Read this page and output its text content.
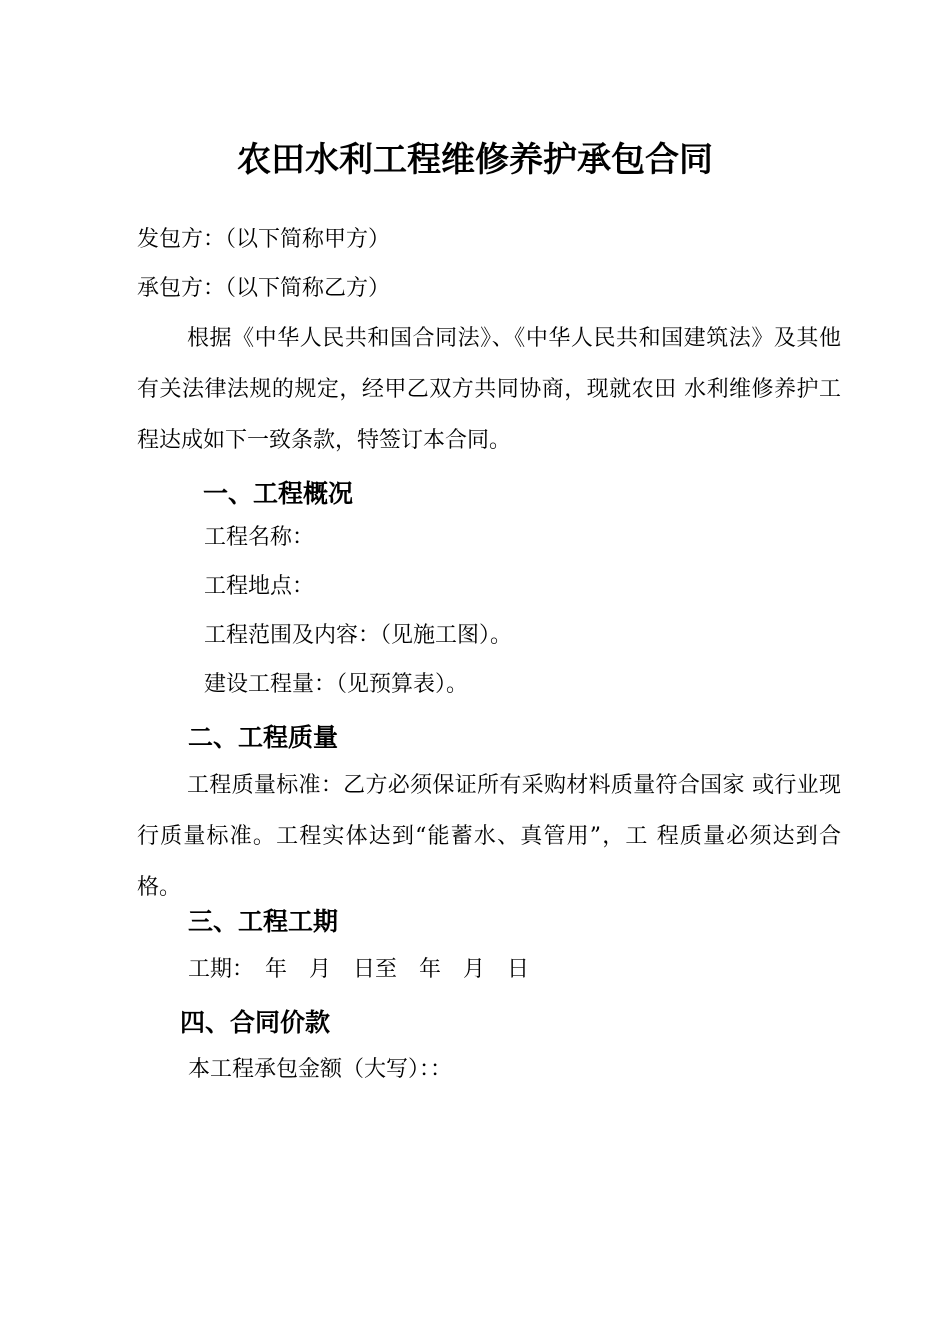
农田水利工程维修养护承包合同
发包方：（以下简称甲方）
承包方：（以下简称乙方）

根据《中华人民共和国合同法》、《中华人民共和国建筑法》及其他有关法律法规的规定，经甲乙双方共同协商，现就农田 水利维修养护工程达成如下一致条款，特签订本合同。

一、工程概况
工程名称：
工程地点：
工程范围及内容：（见施工图）。
建设工程量：（见预算表）。
二、工程质量

工程质量标准：乙方必须保证所有采购材料质量符合国家 或行业现行质量标准。工程实体达到“能蓄水、真管用”，工 程质量必须达到合格。

三、工程工期
工期：　年　月　日至　年　月　日
四、合同价款
本工程承包金额（大写）：：
